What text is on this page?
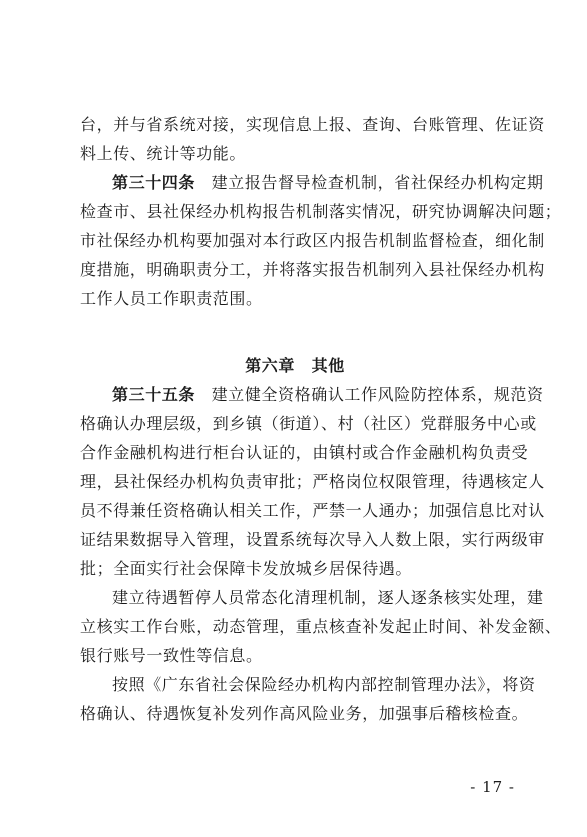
台，并与省系统对接，实现信息上报、查询、台账管理、佐证资
料上传、统计等功能。
第三十四条　 建立报告督导检查机制，省社保经办机构定期
检查市、县社保经办机构报告机制落实情况，研究协调解决问题；
市社保经办机构要加强对本行政区内报告机制监督检查，细化制
度措施，明确职责分工，并将落实报告机制列入县社保经办机构
工作人员工作职责范围。
第六章　其他
第三十五条　 建立健全资格确认工作风险防控体系，规范资
格确认办理层级，到乡镇（街道）、村（社区）党群服务中心或
合作金融机构进行柜台认证的，由镇村或合作金融机构负责受
理，县社保经办机构负责审批；严格岗位权限管理，待遇核定人
员不得兼任资格确认相关工作，严禁一人通办；加强信息比对认
证结果数据导入管理，设置系统每次导入人数上限，实行两级审
批；全面实行社会保障卡发放城乡居保待遇。
建立待遇暂停人员常态化清理机制，逐人逐条核实处理，建
立核实工作台账，动态管理，重点核查补发起止时间、补发金额、
银行账号一致性等信息。
按照《广东省社会保险经办机构内部控制管理办法》，将资
格确认、待遇恢复补发列作高风险业务，加强事后稽核检查。
- 17 -
